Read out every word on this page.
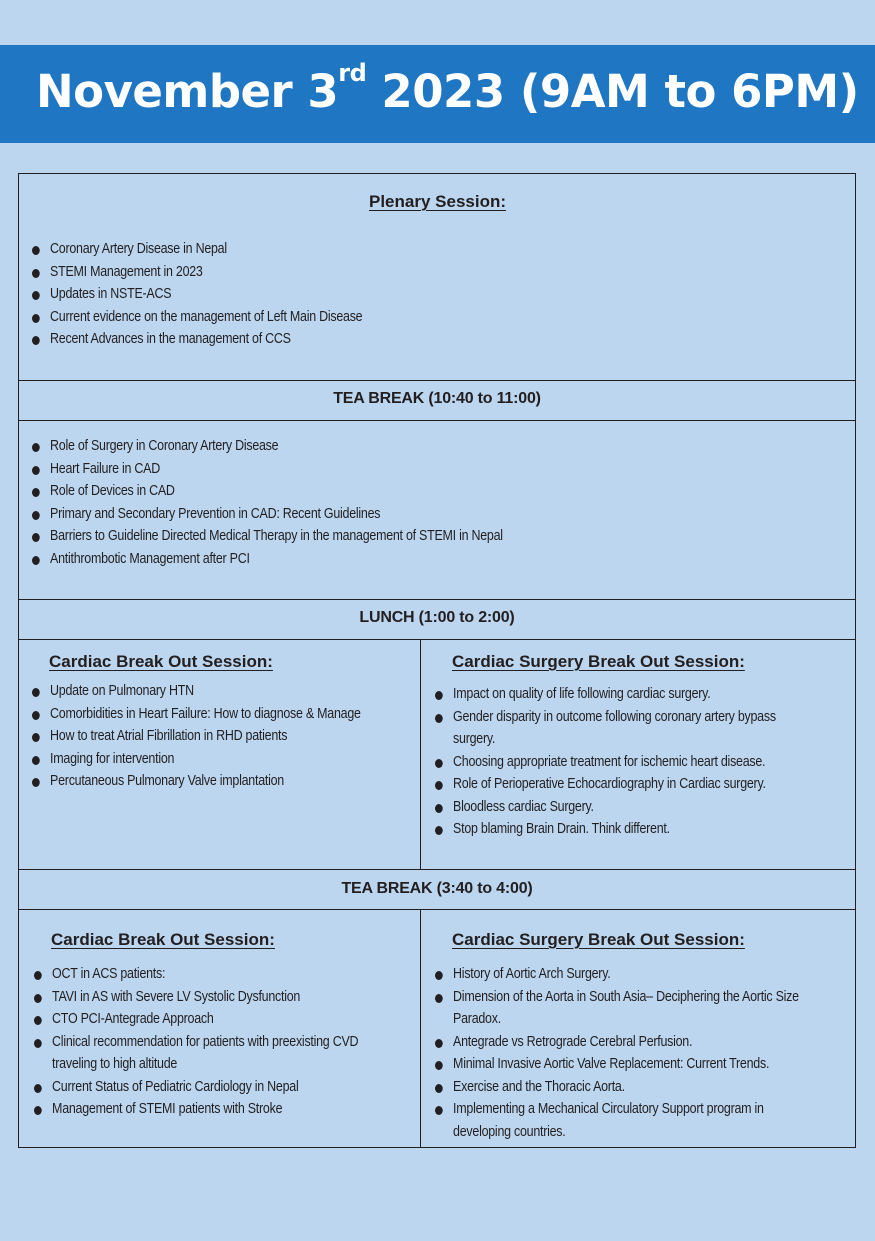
November 3rd 2023 (9AM to 6PM)
Plenary Session:
Coronary Artery Disease in Nepal
STEMI Management in 2023
Updates in NSTE-ACS
Current evidence on the management of Left Main Disease
Recent Advances in the management of CCS
TEA BREAK (10:40 to 11:00)
Role of Surgery in Coronary Artery Disease
Heart Failure in CAD
Role of Devices in CAD
Primary and Secondary Prevention in CAD: Recent Guidelines
Barriers to Guideline Directed Medical Therapy in the management of STEMI in Nepal
Antithrombotic Management after PCI
LUNCH (1:00 to 2:00)
Cardiac Break Out Session:
Update on Pulmonary HTN
Comorbidities in Heart Failure: How to diagnose & Manage
How to treat Atrial Fibrillation in RHD patients
Imaging for intervention
Percutaneous Pulmonary Valve implantation
Cardiac Surgery Break Out Session:
Impact on quality of life following cardiac surgery.
Gender disparity in outcome following coronary artery bypass surgery.
Choosing appropriate treatment for ischemic heart disease.
Role of Perioperative Echocardiography in Cardiac surgery.
Bloodless cardiac Surgery.
Stop blaming Brain Drain. Think different.
TEA BREAK (3:40 to 4:00)
Cardiac Break Out Session:
OCT in ACS patients:
TAVI in AS with Severe LV Systolic Dysfunction
CTO PCI-Antegrade Approach
Clinical recommendation for patients with preexisting CVD traveling to high altitude
Current Status of Pediatric Cardiology in Nepal
Management of STEMI patients with Stroke
Cardiac Surgery Break Out Session:
History of Aortic Arch Surgery.
Dimension of the Aorta in South Asia– Deciphering the Aortic Size Paradox.
Antegrade vs Retrograde Cerebral Perfusion.
Minimal Invasive Aortic Valve Replacement: Current Trends.
Exercise and the Thoracic Aorta.
Implementing a Mechanical Circulatory Support program in developing countries.
